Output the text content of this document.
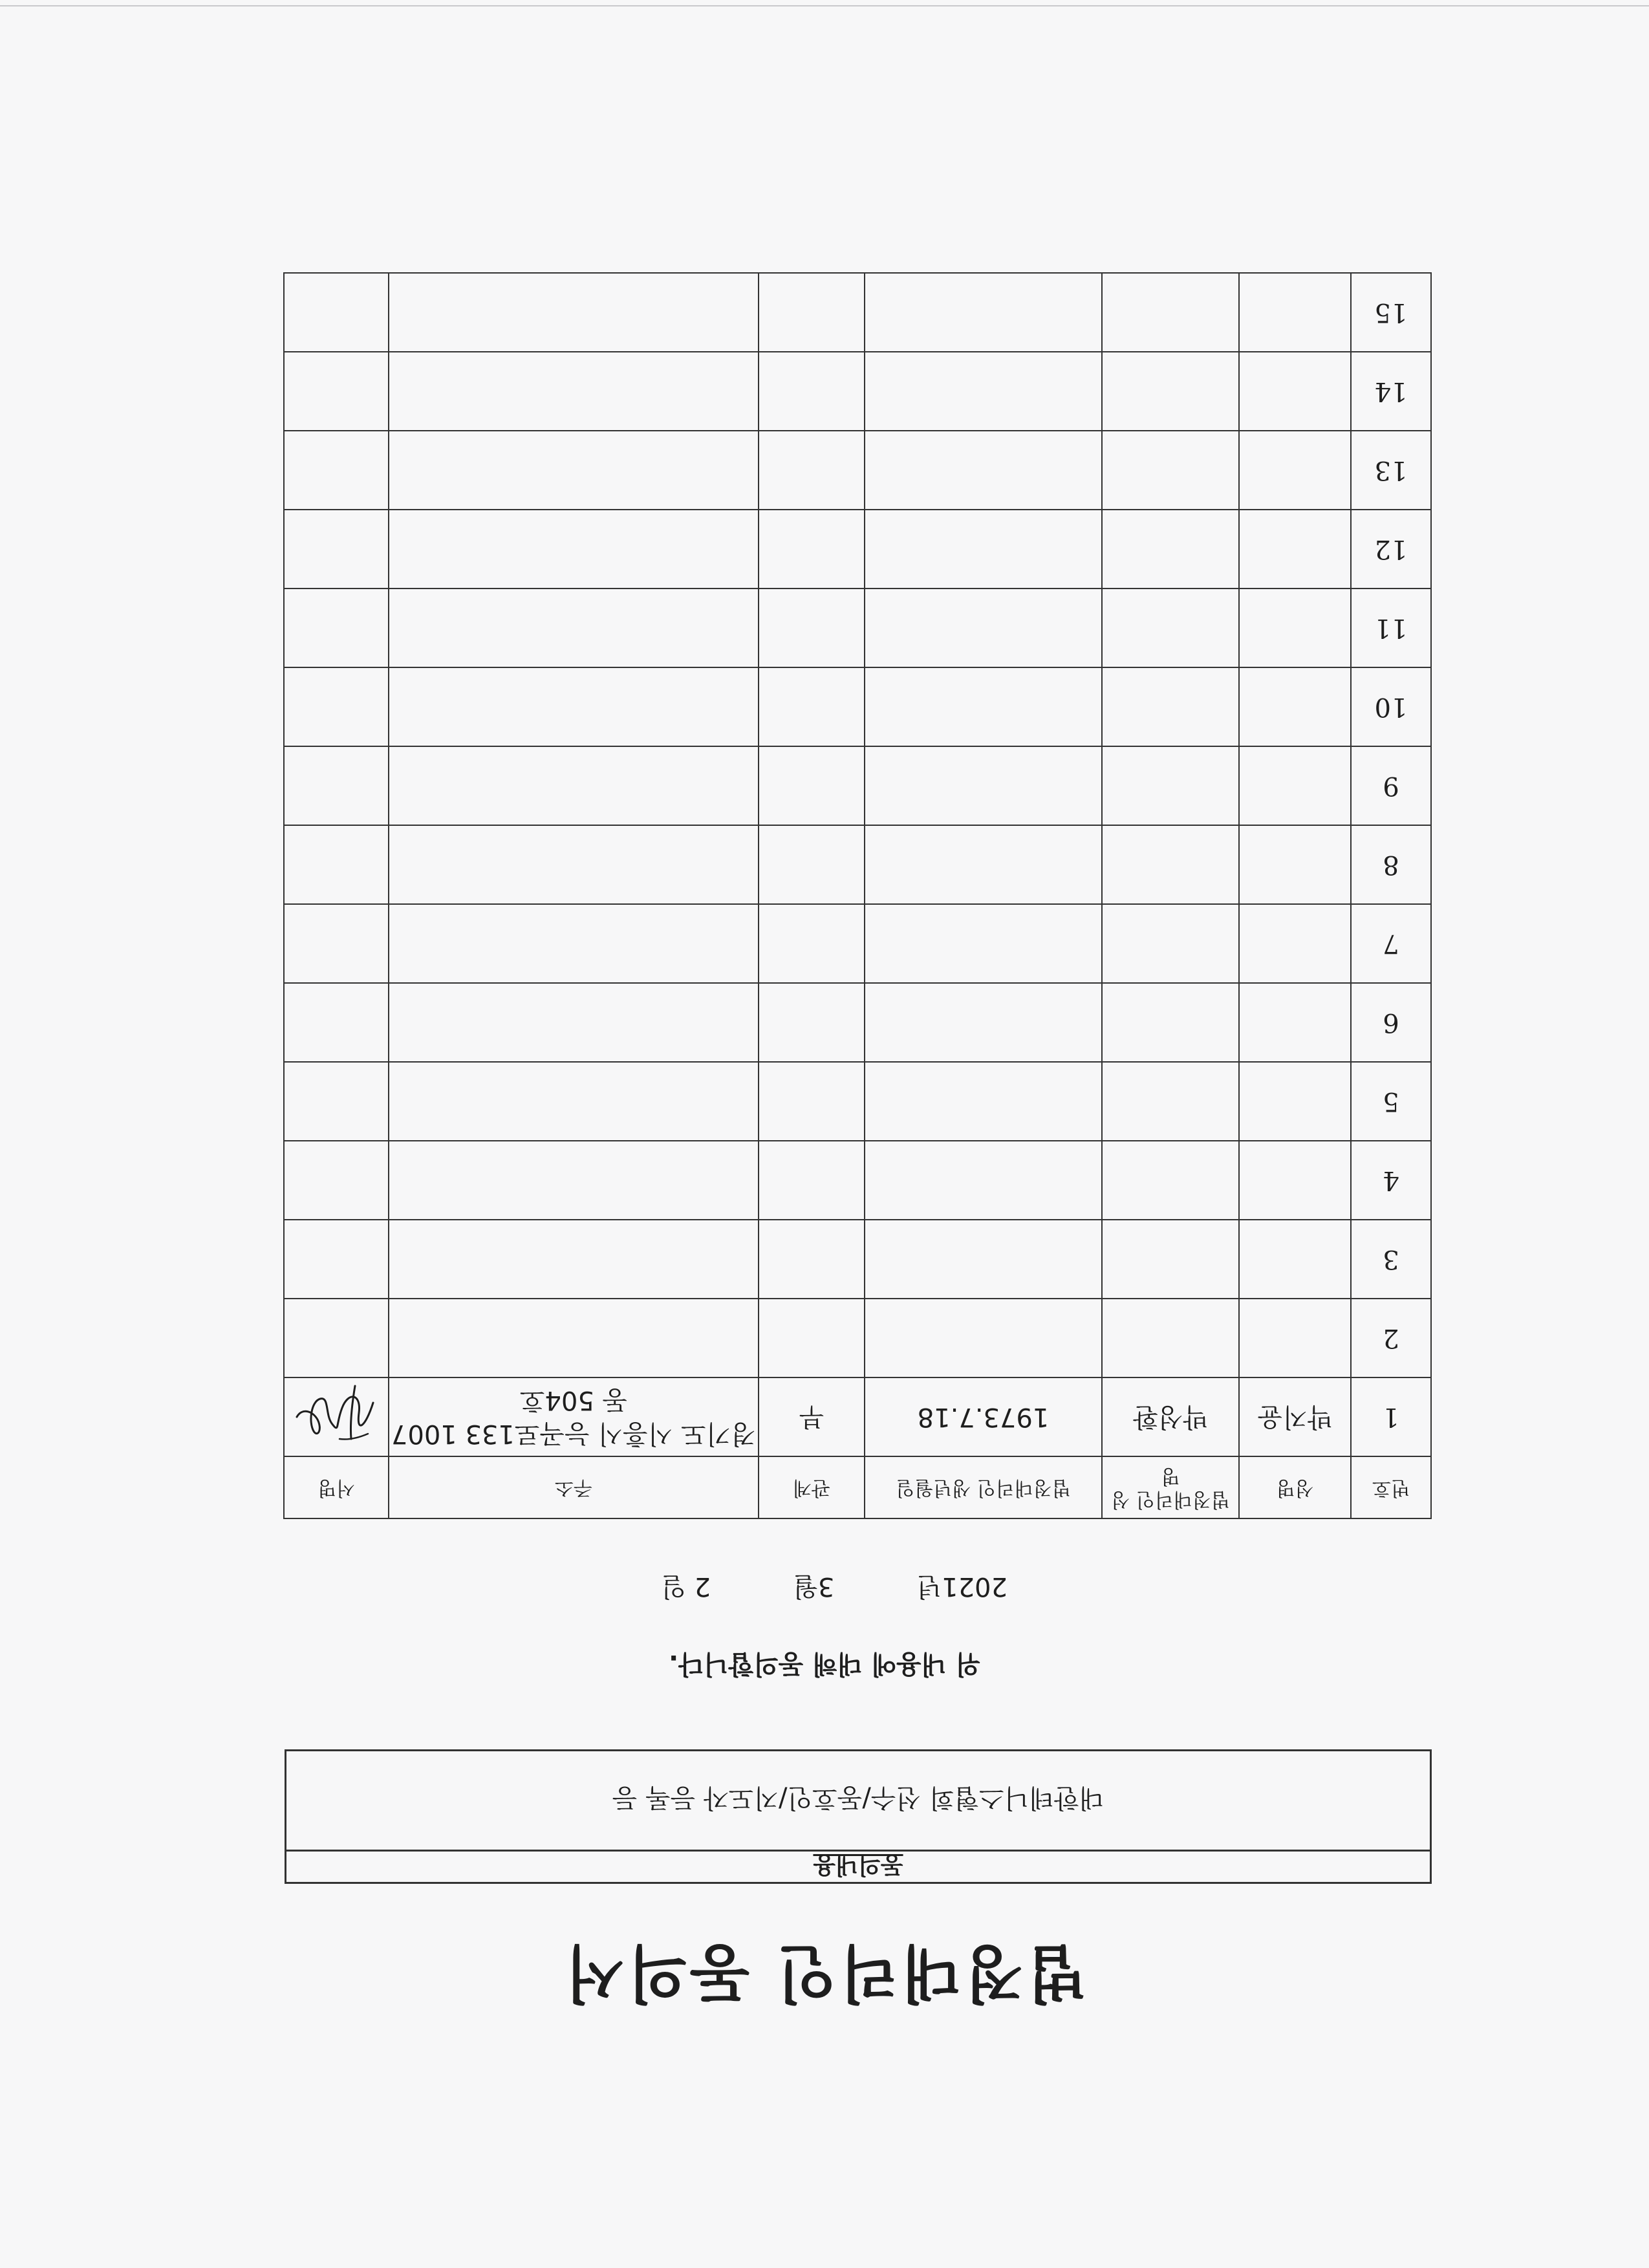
법정대리인 동의서
동의내용
대한테니스협회 선수/동호인/지도자 등록 등
위 내용에 대해 동의합니다.
2021년          3월          2 일
번호	성명	법정대리인 성명	법정대리인 생년월일	관계	주소	서명
1	박지윤	박성환	1973.7.18	부	경기도 시흥시 능곡로133 1007동 504호	

2						
3						
4						
5						
6						
7						
8						
9						
10						
11						
12						
13						
14						
15						
